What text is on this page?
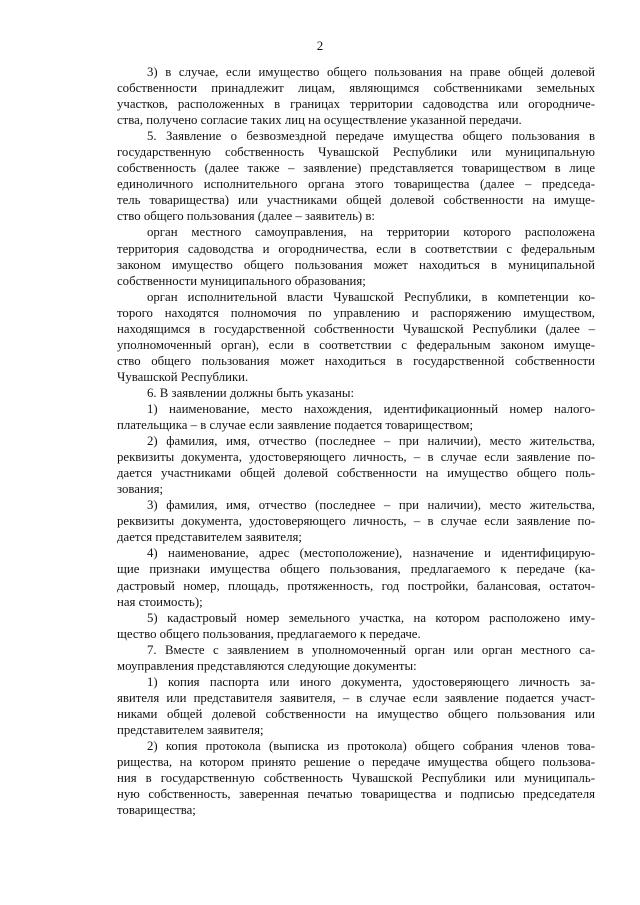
2
3) в случае, если имущество общего пользования на праве общей долевой
собственности принадлежит лицам, являющимся собственниками земельных
участков, расположенных в границах территории садоводства или огородниче-
ства, получено согласие таких лиц на осуществление указанной передачи.
5. Заявление о безвозмездной передаче имущества общего пользования в
государственную собственность Чувашской Республики или муниципальную
собственность (далее также – заявление) представляется товариществом в лице
единоличного исполнительного органа этого товарищества (далее – председа-
тель товарищества) или участниками общей долевой собственности на имуще-
ство общего пользования (далее – заявитель) в:
орган местного самоуправления, на территории которого расположена
территория садоводства и огородничества, если в соответствии с федеральным
законом имущество общего пользования может находиться в муниципальной
собственности муниципального образования;
орган исполнительной власти Чувашской Республики, в компетенции ко-
торого находятся полномочия по управлению и распоряжению имуществом,
находящимся в государственной собственности Чувашской Республики (далее –
уполномоченный орган), если в соответствии с федеральным законом имуще-
ство общего пользования может находиться в государственной собственности
Чувашской Республики.
6. В заявлении должны быть указаны:
1) наименование, место нахождения, идентификационный номер налого-
плательщика – в случае если заявление подается товариществом;
2) фамилия, имя, отчество (последнее – при наличии), место жительства,
реквизиты документа, удостоверяющего личность, – в случае если заявление по-
дается участниками общей долевой собственности на имущество общего поль-
зования;
3) фамилия, имя, отчество (последнее – при наличии), место жительства,
реквизиты документа, удостоверяющего личность, – в случае если заявление по-
дается представителем заявителя;
4) наименование, адрес (местоположение), назначение и идентифицирую-
щие признаки имущества общего пользования, предлагаемого к передаче (ка-
дастровый номер, площадь, протяженность, год постройки, балансовая, остаточ-
ная стоимость);
5) кадастровый номер земельного участка, на котором расположено иму-
щество общего пользования, предлагаемого к передаче.
7. Вместе с заявлением в уполномоченный орган или орган местного са-
моуправления представляются следующие документы:
1) копия паспорта или иного документа, удостоверяющего личность за-
явителя или представителя заявителя, – в случае если заявление подается участ-
никами общей долевой собственности на имущество общего пользования или
представителем заявителя;
2) копия протокола (выписка из протокола) общего собрания членов това-
рищества, на котором принято решение о передаче имущества общего пользова-
ния в государственную собственность Чувашской Республики или муниципаль-
ную собственность, заверенная печатью товарищества и подписью председателя
товарищества;
